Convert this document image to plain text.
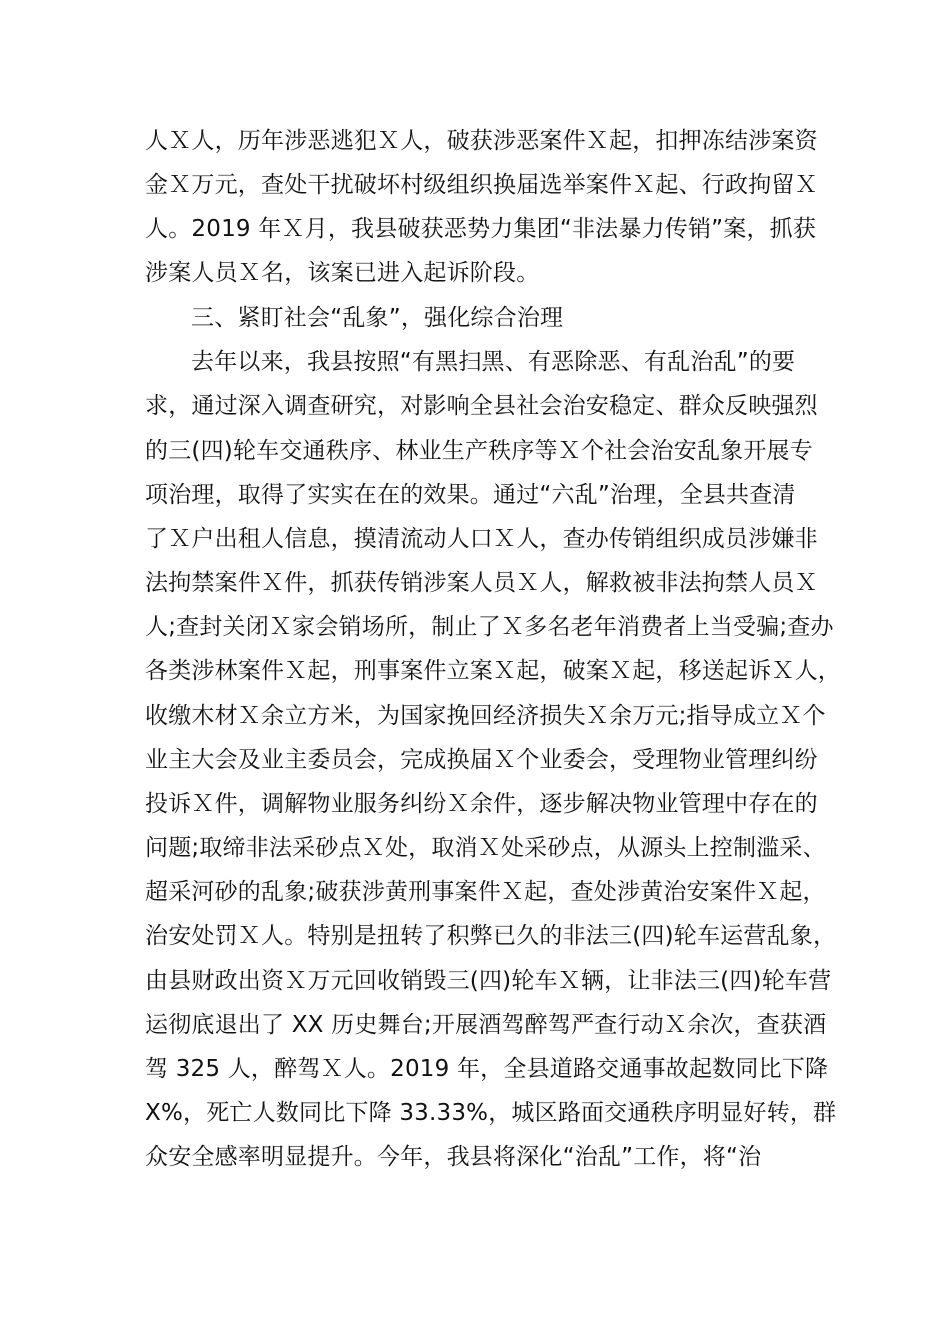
人Ｘ人，历年涉恶逃犯Ｘ人，破获涉恶案件Ｘ起，扣押冻结涉案资
金Ｘ万元，查处干扰破坏村级组织换届选举案件Ｘ起、行政拘留Ｘ
人。2019 年Ｘ月，我县破获恶势力集团“非法暴力传销”案，抓获
涉案人员Ｘ名，该案已进入起诉阶段。
三、紧盯社会“乱象”，强化综合治理
去年以来，我县按照“有黑扫黑、有恶除恶、有乱治乱”的要
求，通过深入调查研究，对影响全县社会治安稳定、群众反映强烈
的三(四)轮车交通秩序、林业生产秩序等Ｘ个社会治安乱象开展专
项治理，取得了实实在在的效果。通过“六乱”治理，全县共查清
了Ｘ户出租人信息，摸清流动人口Ｘ人，查办传销组织成员涉嫌非
法拘禁案件Ｘ件，抓获传销涉案人员Ｘ人，解救被非法拘禁人员Ｘ
人;查封关闭Ｘ家会销场所，制止了Ｘ多名老年消费者上当受骗;查办
各类涉林案件Ｘ起，刑事案件立案Ｘ起，破案Ｘ起，移送起诉Ｘ人，
收缴木材Ｘ余立方米，为国家挽回经济损失Ｘ余万元;指导成立Ｘ个
业主大会及业主委员会，完成换届Ｘ个业委会，受理物业管理纠纷
投诉Ｘ件，调解物业服务纠纷Ｘ余件，逐步解决物业管理中存在的
问题;取缔非法采砂点Ｘ处，取消Ｘ处采砂点，从源头上控制滥采、
超采河砂的乱象;破获涉黄刑事案件Ｘ起，查处涉黄治安案件Ｘ起，
治安处罚Ｘ人。特别是扭转了积弊已久的非法三(四)轮车运营乱象，
由县财政出资Ｘ万元回收销毁三(四)轮车Ｘ辆，让非法三(四)轮车营
运彻底退出了 XX 历史舞台;开展酒驾醉驾严查行动Ｘ余次，查获酒
驾 325 人，醉驾Ｘ人。2019 年，全县道路交通事故起数同比下降
X%，死亡人数同比下降 33.33%，城区路面交通秩序明显好转，群
众安全感率明显提升。今年，我县将深化“治乱”工作，将“治
